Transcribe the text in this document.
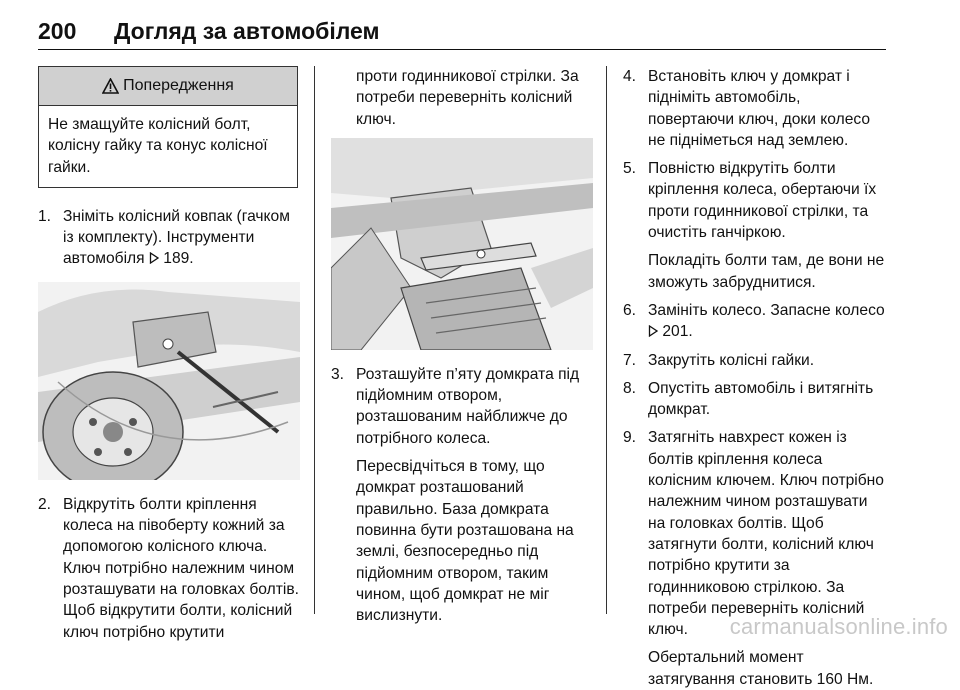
200 Догляд за автомобілем
Попередження
Не змащуйте колісний болт, колісну гайку та конус колісної гайки.
1. Зніміть колісний ковпак (гачком із комплекту). Інструменти автомобіля 189.
2. Відкрутіть болти кріплення колеса на півоберту кожний за допомогою колісного ключа. Ключ потрібно належним чином розташувати на головках болтів. Щоб відкрутити болти, колісний ключ потрібно крутити
проти годинникової стрілки. За потреби переверніть колісний ключ.
3. Розташуйте п’яту домкрата під підйомним отвором, розташованим найближче до потрібного колеса.
Пересвідчіться в тому, що домкрат розташований правильно. База домкрата повинна бути розташована на землі, безпосередньо під підйомним отвором, таким чином, щоб домкрат не міг вислизнути.
4. Встановіть ключ у домкрат і підніміть автомобіль, повертаючи ключ, доки колесо не підніметься над землею.
5. Повністю відкрутіть болти кріплення колеса, обертаючи їх проти годинникової стрілки, та очистіть ганчіркою.
Покладіть болти там, де вони не зможуть забруднитися.
6. Замініть колесо. Запасне колесо  201.
7. Закрутіть колісні гайки.
8. Опустіть автомобіль і витягніть домкрат.
9. Затягніть навхрест кожен із болтів кріплення колеса колісним ключем. Ключ потрібно належним чином розташувати на головках болтів. Щоб затягнути болти, колісний ключ потрібно крутити за годинниковою стрілкою. За потреби переверніть колісний ключ.
Обертальний момент затягування становить 160 Нм.
carmanualsonline.info
